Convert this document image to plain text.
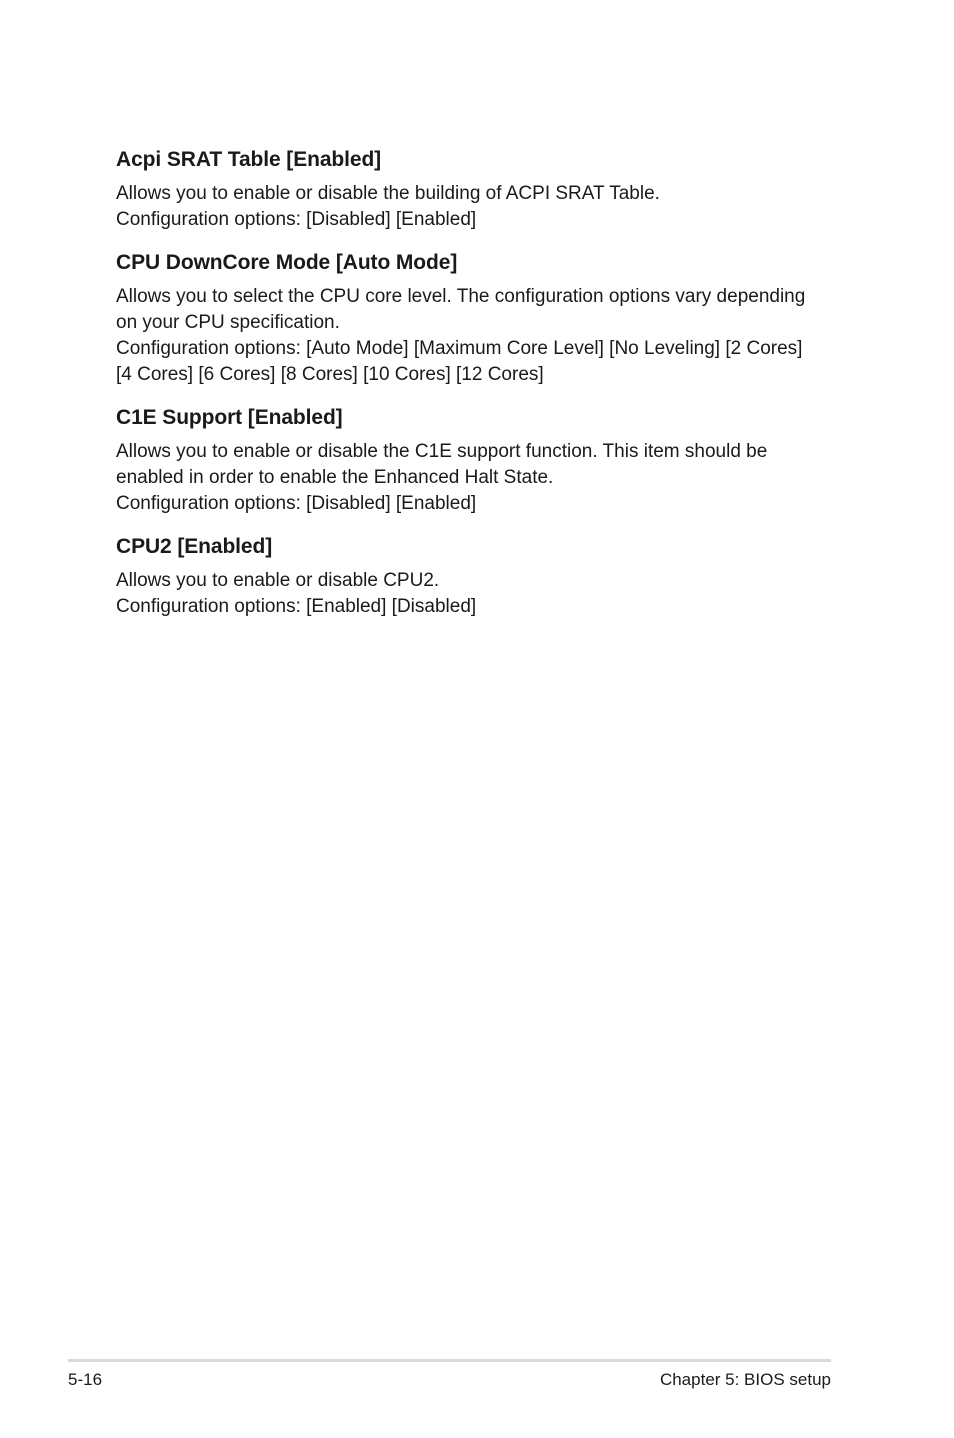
Acpi SRAT Table [Enabled]
Allows you to enable or disable the building of ACPI SRAT Table.
Configuration options: [Disabled] [Enabled]
CPU DownCore Mode [Auto Mode]
Allows you to select the CPU core level. The configuration options vary depending
on your CPU specification.
Configuration options: [Auto Mode] [Maximum Core Level] [No Leveling] [2 Cores]
[4 Cores] [6 Cores] [8 Cores] [10 Cores] [12 Cores]
C1E Support [Enabled]
Allows you to enable or disable the C1E support function. This item should be
enabled in order to enable the Enhanced Halt State.
Configuration options: [Disabled] [Enabled]
CPU2 [Enabled]
Allows you to enable or disable CPU2.
Configuration options: [Enabled] [Disabled]
5-16	Chapter 5: BIOS setup
